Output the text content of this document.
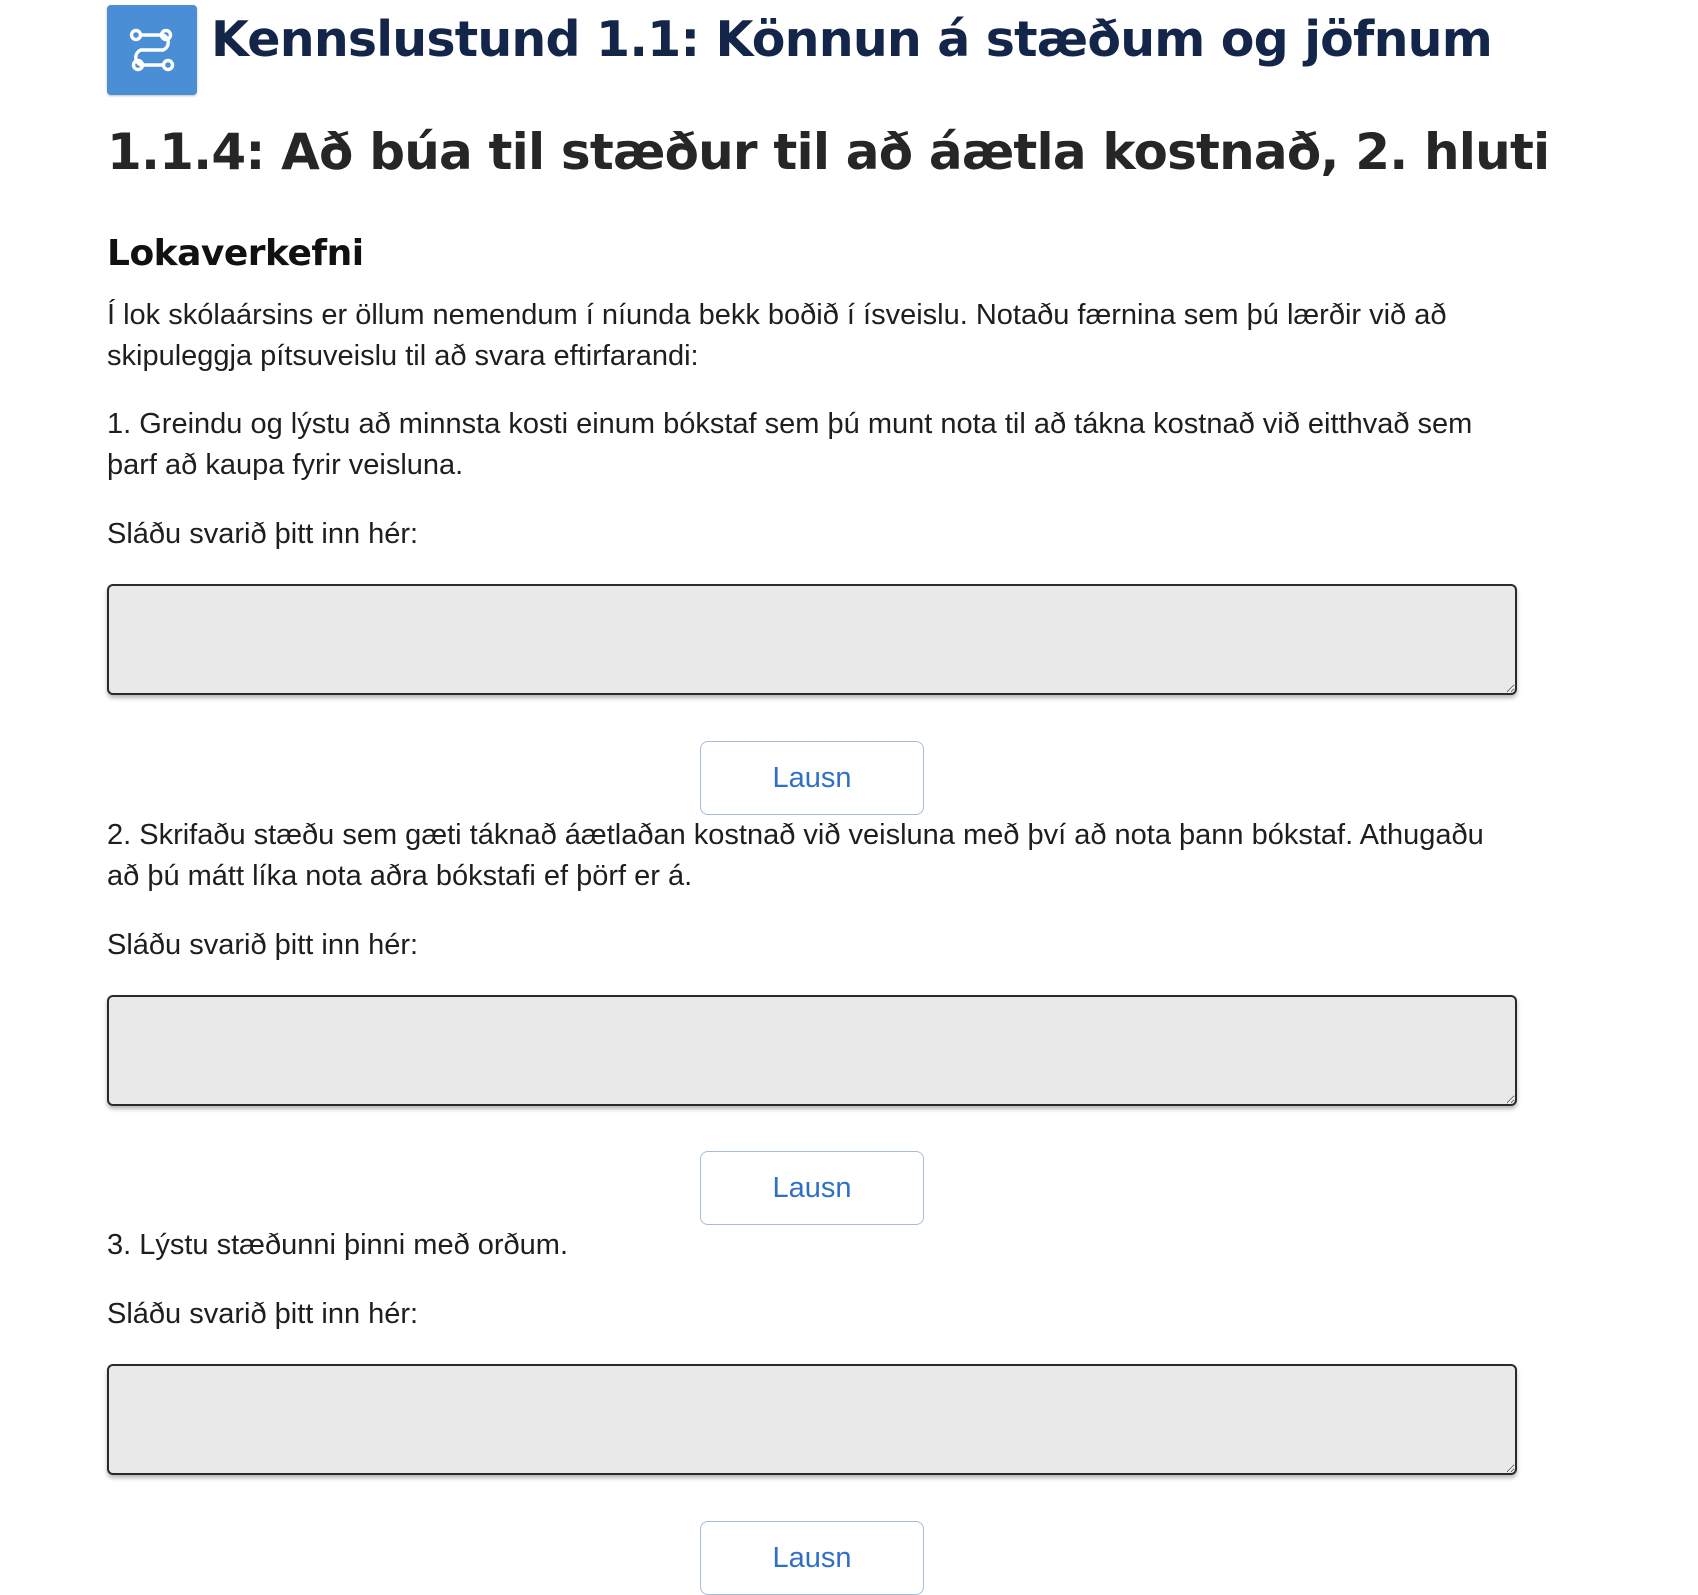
Kennslustund 1.1: Könnun á stæðum og jöfnum
1.1.4: Að búa til stæður til að áætla kostnað, 2. hluti
Lokaverkefni

Í lok skólaársins er öllum nemendum í níunda bekk boðið í ísveislu. Notaðu færnina sem þú lærðir við að skipuleggja pítsuveislu til að svara eftirfarandi:

1. Greindu og lýstu að minnsta kosti einum bókstaf sem þú munt nota til að tákna kostnað við eitthvað sem þarf að kaupa fyrir veisluna.

Sláðu svarið þitt inn hér:

Lausn

2. Skrifaðu stæðu sem gæti táknað áætlaðan kostnað við veisluna með því að nota þann bókstaf. Athugaðu að þú mátt líka nota aðra bókstafi ef þörf er á.

Sláðu svarið þitt inn hér:

Lausn

3. Lýstu stæðunni þinni með orðum.

Sláðu svarið þitt inn hér:

Lausn
